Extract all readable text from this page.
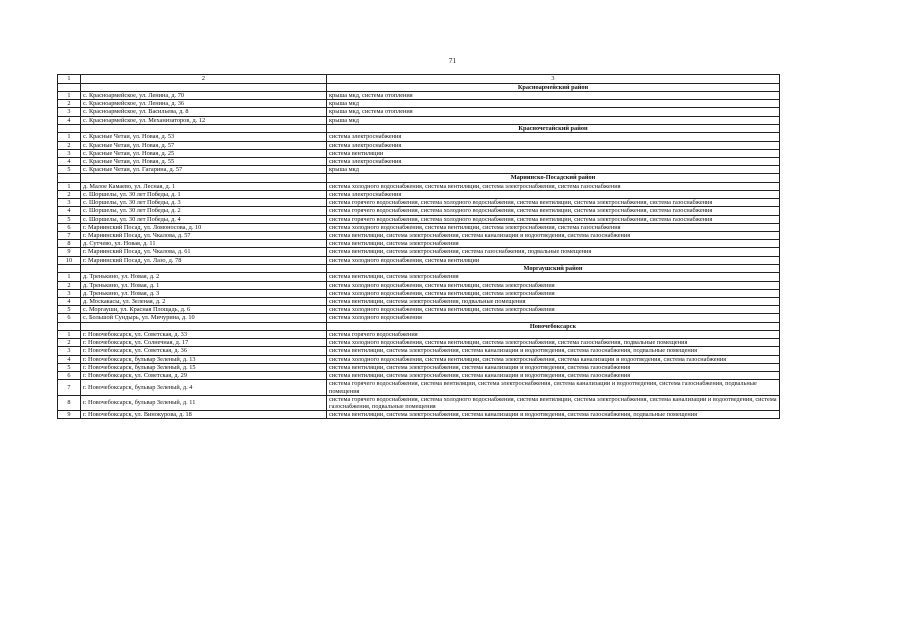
71
1	2	3
		Красноармейский район
1	с. Красноармейское, ул. Ленина, д. 70	крыша мкд, система отопления
2	с. Красноармейское, ул. Ленина, д. 36	крыша мкд
3	с. Красноармейское, ул. Васильева, д. 8	крыша мкд, система отопления
4	с. Красноармейское, ул. Механизаторов, д. 12	крыша мкд
		Красночетайский район
1	с. Красные Четаи, ул. Новая, д. 53	система электроснабжения
2	с. Красные Четаи, ул. Новая, д. 57	система электроснабжения
3	с. Красные Четаи, ул. Новая, д. 25	система вентиляции
4	с. Красные Четаи, ул. Новая, д. 55	система электроснабжения
5	с. Красные Четаи, ул. Гагарина, д. 57	крыша мкд
		Мариинско-Посадский район
1	д. Малое Камаево, ул. Лесная, д. 1	система холодного водоснабжения, система вентиляции, система электроснабжения, система газоснабжения
2	с. Шоршелы, ул. 30 лет Победы, д. 1	система электроснабжения
3	с. Шоршелы, ул. 30 лет Победы, д. 3	система горячего водоснабжения, система холодного водоснабжения, система вентиляции, система электроснабжения, система газоснабжения
4	с. Шоршелы, ул. 30 лет Победы, д. 2	система горячего водоснабжения, система холодного водоснабжения, система вентиляции, система электроснабжения, система газоснабжения
5	с. Шоршелы, ул. 30 лет Победы, д. 4	система горячего водоснабжения, система холодного водоснабжения, система вентиляции, система электроснабжения, система газоснабжения
6	г. Мариинский Посад, ул. Ломоносова, д. 10	система холодного водоснабжения, система вентиляции, система электроснабжения, система газоснабжения
7	г. Мариинский Посад, ул. Чкалова, д. 57	система вентиляции, система электроснабжения, система канализации и водоотведения, система газоснабжения
8	д. Сутчево, ул. Новая, д. 11	система вентиляции, система электроснабжения
9	г. Мариинский Посад, ул. Чкалова, д. 61	система вентиляции, система электроснабжения, система газоснабжения, подвальные помещения
10	г. Мариинский Посад, ул. Лазо, д. 78	система холодного водоснабжения, система вентиляции
		Моргаушский район
1	д. Тренькино, ул. Новая, д. 2	система вентиляции, система электроснабжения
2	д. Тренькино, ул. Новая, д. 1	система холодного водоснабжения, система вентиляции, система электроснабжения
3	д. Тренькино, ул. Новая, д. 3	система холодного водоснабжения, система вентиляции, система электроснабжения
4	д. Москакасы, ул. Зеленая, д. 2	система вентиляции, система электроснабжения, подвальные помещения
5	с. Моргауши, ул. Красная Площадь, д. 6	система холодного водоснабжения, система вентиляции, система электроснабжения
6	с. Большой Сундырь, ул. Мичурина, д. 10	система холодного водоснабжения
		Новочебоксарск
1	г. Новочебоксарск, ул. Советская, д. 33	система горячего водоснабжения
2	г. Новочебоксарск, ул. Солнечная, д. 17	система холодного водоснабжения, система вентиляции, система электроснабжения, система газоснабжения, подвальные помещения
3	г. Новочебоксарск, ул. Советская, д. 36	система вентиляции, система электроснабжения, система канализации и водоотведения, система газоснабжения, подвальные помещения
4	г. Новочебоксарск, бульвар Зеленый, д. 13	система холодного водоснабжения, система вентиляции, система электроснабжения, система канализации и водоотведения, система газоснабжения
5	г. Новочебоксарск, бульвар Зеленый, д. 15	система вентиляции, система электроснабжения, система канализации и водоотведения, система газоснабжения
6	г. Новочебоксарск, ул. Советская, д. 29	система вентиляции, система электроснабжения, система канализации и водоотведения, система газоснабжения
7	г. Новочебоксарск, бульвар Зеленый, д. 4	система горячего водоснабжения, система вентиляции, система электроснабжения, система канализации и водоотведения, система газоснабжения, подвальные помещения
8	г. Новочебоксарск, бульвар Зеленый, д. 11	система горячего водоснабжения, система холодного водоснабжения, система вентиляции, система электроснабжения, система канализации и водоотведения, система газоснабжения, подвальные помещения
9	г. Новочебоксарск, ул. Винокурова, д. 18	система вентиляции, система электроснабжения, система канализации и водоотведения, система газоснабжения, подвальные помещения
